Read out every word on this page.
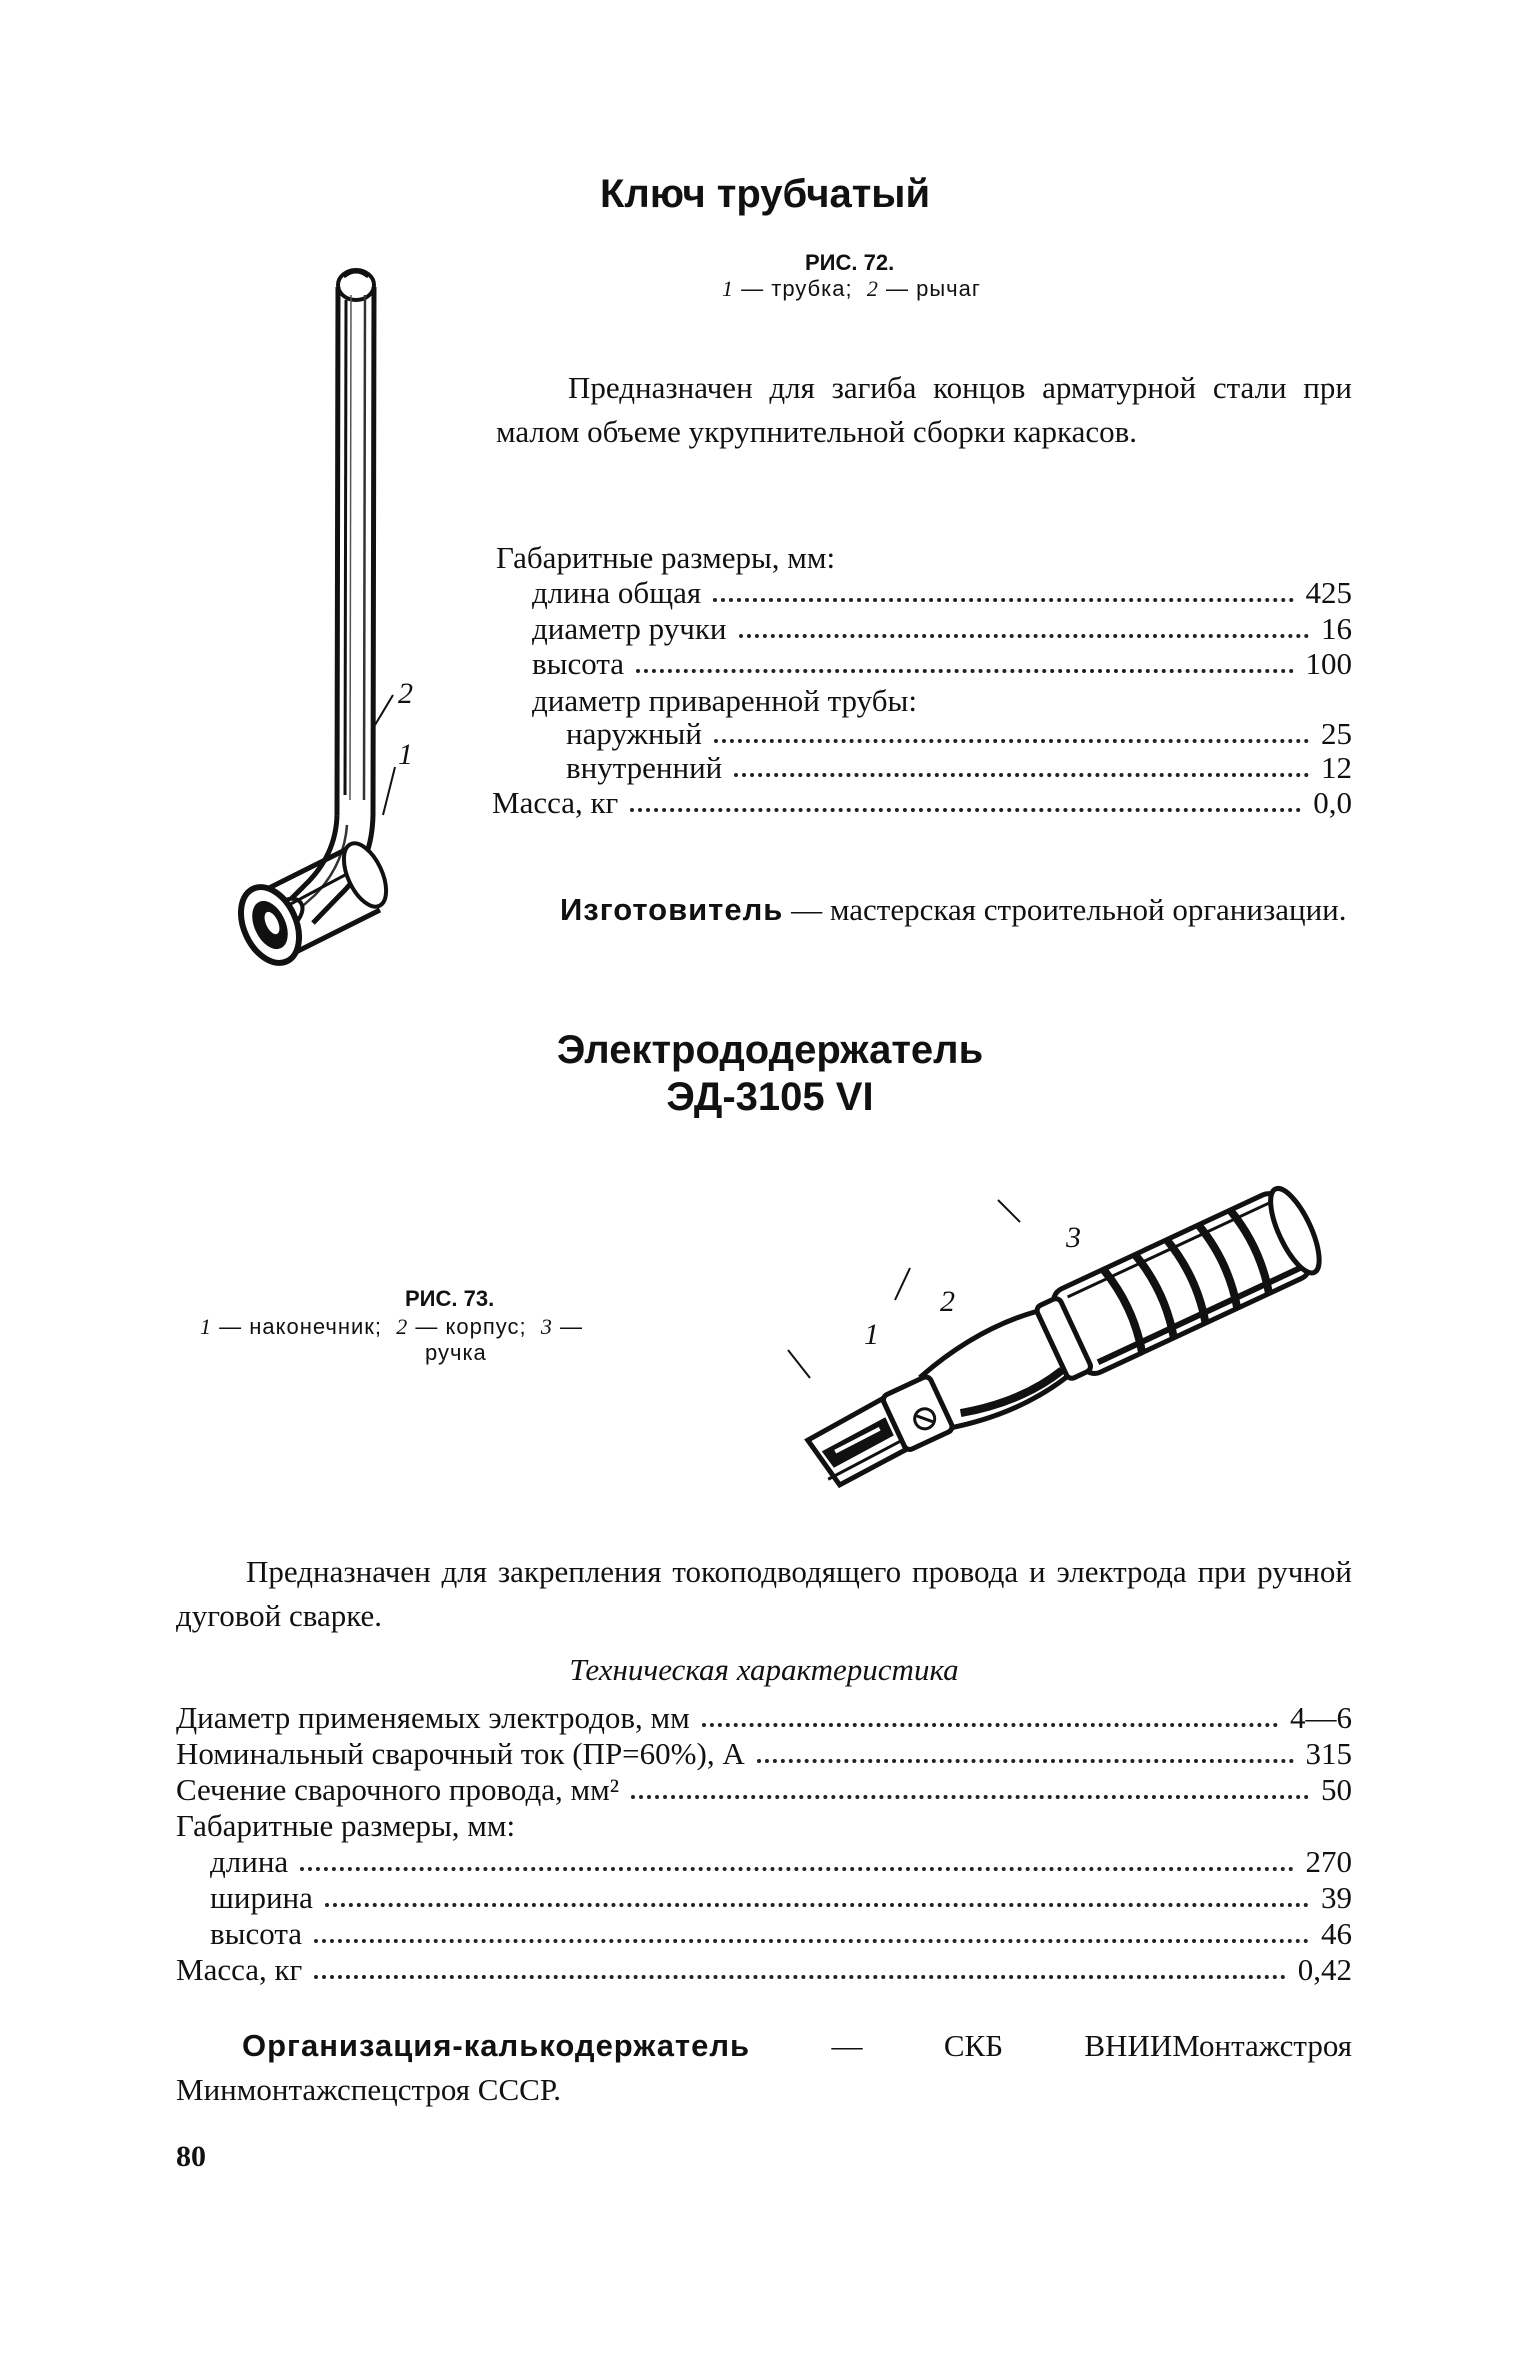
Ключ трубчатый
РИС. 72.
1 — трубка; 2 — рычаг
2
1
Предназначен для загиба концов арматурной стали при малом объеме укрупнительной сборки каркасов.
Габаритные размеры, мм:
длина общая	425
диаметр ручки	16
высота	100
диаметр приваренной трубы:
наружный	25
внутренний	12
Масса, кг	0,0
Изготовитель — мастерская строительной организации.
Электрододержатель
ЭД-3105 VI
РИС. 73.
1 — наконечник; 2 — корпус; 3 —
ручка
1
2
3
Предназначен для закрепления токоподводящего провода и электрода при ручной дуговой сварке.
Техническая характеристика
Диаметр применяемых электродов, мм	4—6
Номинальный сварочный ток (ПР=60%), А	315
Сечение сварочного провода, мм²	50
Габаритные размеры, мм:
длина	270
ширина	39
высота	46
Масса, кг	0,42
Организация-калькодержатель	— СКБ ВНИИМонтажстроя Минмонтажспецстроя СССР.
80
